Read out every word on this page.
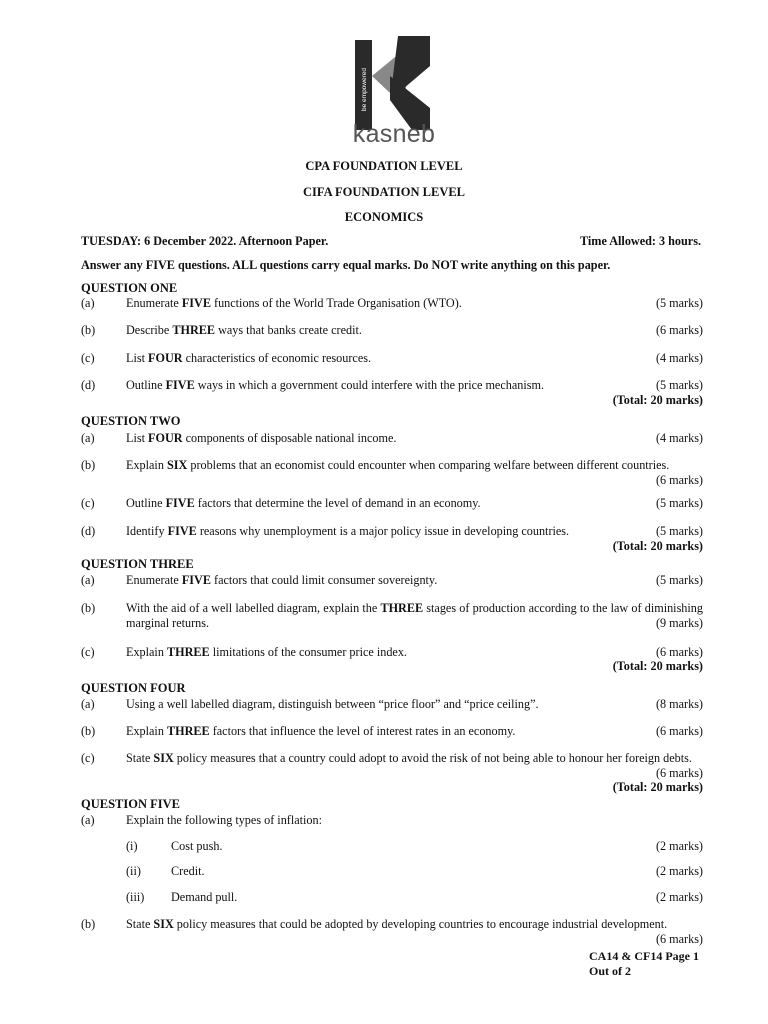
be empowered
kasneb
CPA FOUNDATION LEVEL
CIFA FOUNDATION LEVEL
ECONOMICS
TUESDAY: 6 December 2022. Afternoon Paper.	Time Allowed: 3 hours.
Answer any FIVE questions. ALL questions carry equal marks. Do NOT write anything on this paper.
QUESTION ONE
(a)	Enumerate FIVE functions of the World Trade Organisation (WTO).	(5 marks)
(b)	Describe THREE ways that banks create credit.	(6 marks)
(c)	List FOUR characteristics of economic resources.	(4 marks)
(d)	Outline FIVE ways in which a government could interfere with the price mechanism.	(5 marks)
(Total: 20 marks)
QUESTION TWO
(a)	List FOUR components of disposable national income.	(4 marks)
(b)	Explain SIX problems that an economist could encounter when comparing welfare between different countries.
(6 marks)
(c)	Outline FIVE factors that determine the level of demand in an economy.	(5 marks)
(d)	Identify FIVE reasons why unemployment is a major policy issue in developing countries.	(5 marks)
(Total: 20 marks)
QUESTION THREE
(a)	Enumerate FIVE factors that could limit consumer sovereignty.	(5 marks)
(b)	With the aid of a well labelled diagram, explain the THREE stages of production according to the law of diminishing marginal returns.	(9 marks)
(c)	Explain THREE limitations of the consumer price index.	(6 marks)
(Total: 20 marks)
QUESTION FOUR
(a)	Using a well labelled diagram, distinguish between “price floor” and “price ceiling”.	(8 marks)
(b)	Explain THREE factors that influence the level of interest rates in an economy.	(6 marks)
(c)	State SIX policy measures that a country could adopt to avoid the risk of not being able to honour her foreign debts.
(6 marks)
(Total: 20 marks)
QUESTION FIVE
(a)	Explain the following types of inflation:
(i)	Cost push.	(2 marks)
(ii) Credit.	(2 marks)
(iii) Demand pull.	(2 marks)
(b)	State SIX policy measures that could be adopted by developing countries to encourage industrial development.
(6 marks)
CA14 & CF14 Page 1
Out of 2
